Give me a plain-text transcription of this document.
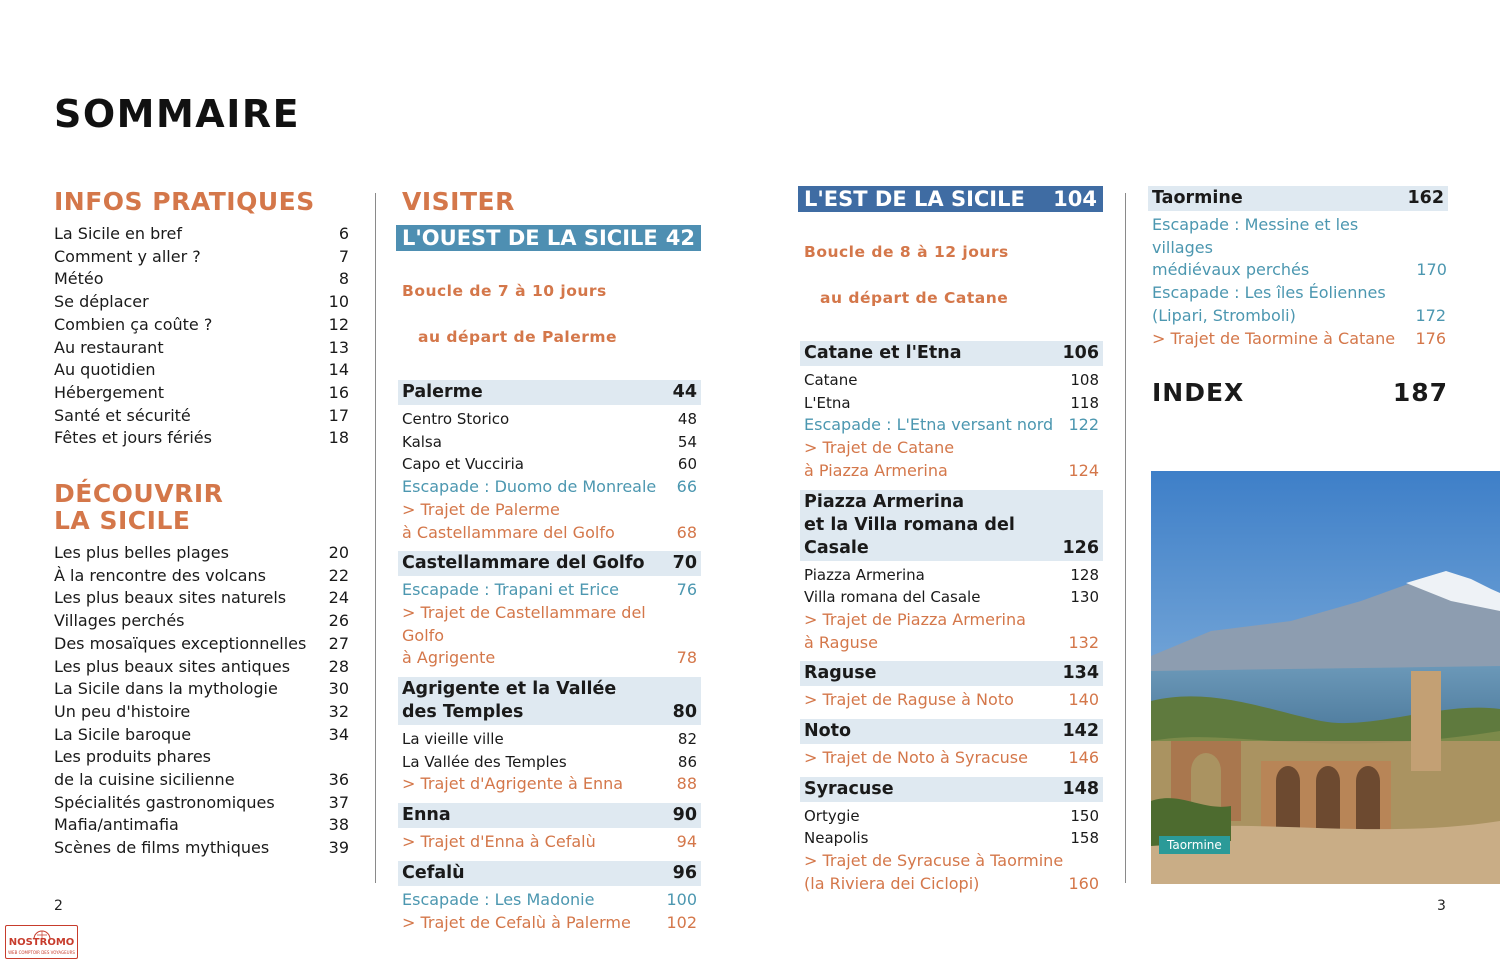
SOMMAIRE
INFOS PRATIQUES
La Sicile en bref	6
Comment y aller ?	7
Météo	8
Se déplacer	10
Combien ça coûte ?	12
Au restaurant	13
Au quotidien	14
Hébergement	16
Santé et sécurité	17
Fêtes et jours fériés	18
DÉCOUVRIR
LA SICILE
Les plus belles plages	20
À la rencontre des volcans	22
Les plus beaux sites naturels	24
Villages perchés	26
Des mosaïques exceptionnelles 27
Les plus beaux sites antiques 28
La Sicile dans la mythologie	30
Un peu d'histoire	32
La Sicile baroque	34
Les produits phares
de la cuisine sicilienne	36
Spécialités gastronomiques	37
Mafia/antimafia	38
Scènes de films mythiques	39
VISITER
L'OUEST DE LA SICILE 42

Boucle de 7 à 10 jours

au départ de Palerme

Palerme	44
Centro Storico	48
Kalsa	54
Capo et Vucciria	60
Escapade : Duomo de Monreale 66
> Trajet de Palerme
à Castellammare del Golfo	68
Castellammare del Golfo 70
Escapade : Trapani et Erice	76
> Trajet de Castellammare del Golfo
à Agrigente	78
Agrigente et la Vallée
des Temples	80
La vieille ville	82
La Vallée des Temples	86
> Trajet d'Agrigente à Enna	88
Enna	90
> Trajet d'Enna à Cefalù	94
Cefalù	96
Escapade : Les Madonie	100
> Trajet de Cefalù à Palerme 102
L'EST DE LA SICILE 104

Boucle de 8 à 12 jours

au départ de Catane

Catane et l'Etna	106
Catane	108
L'Etna	118
Escapade : L'Etna versant nord 122
> Trajet de Catane
à Piazza Armerina	124
Piazza Armerina
et la Villa romana del Casale	126
Piazza Armerina	128
Villa romana del Casale	130
> Trajet de Piazza Armerina
à Raguse	132
Raguse	134
> Trajet de Raguse à Noto	140
Noto	142
> Trajet de Noto à Syracuse	146
Syracuse	148
Ortygie	150
Neapolis	158
> Trajet de Syracuse à Taormine
(la Riviera dei Ciclopi)	160
Taormine	162
Escapade : Messine et les villages
médiévaux perchés	170
Escapade : Les îles Éoliennes
(Lipari, Stromboli)	172
> Trajet de Taormine à Catane 176
INDEX	187
Taormine
2	3
NOSTROMO
WEB COMPTOIR DES VOYAGEURS
